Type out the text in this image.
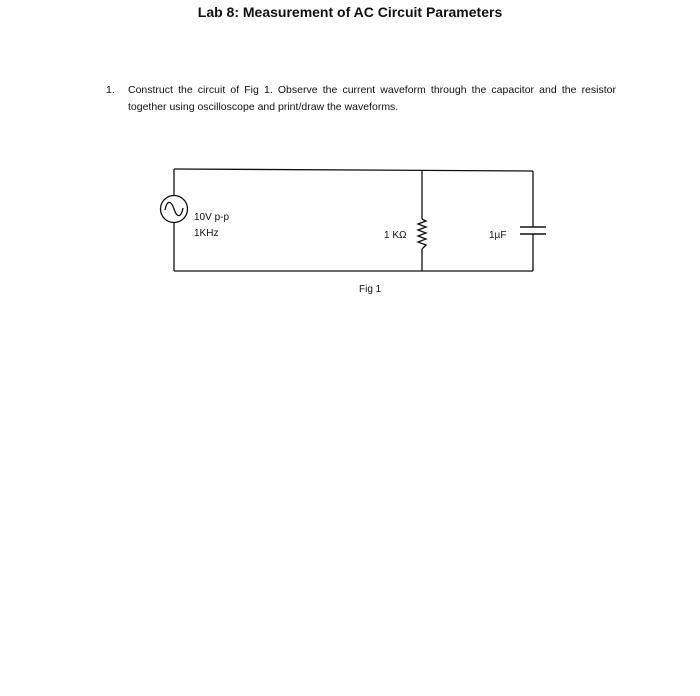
Lab 8: Measurement of AC Circuit Parameters
1. Construct the circuit of Fig 1. Observe the current waveform through the capacitor and the resistor together using oscilloscope and print/draw the waveforms.
10V p-p
1KHz	1 KΩ	1µF
Fig 1
